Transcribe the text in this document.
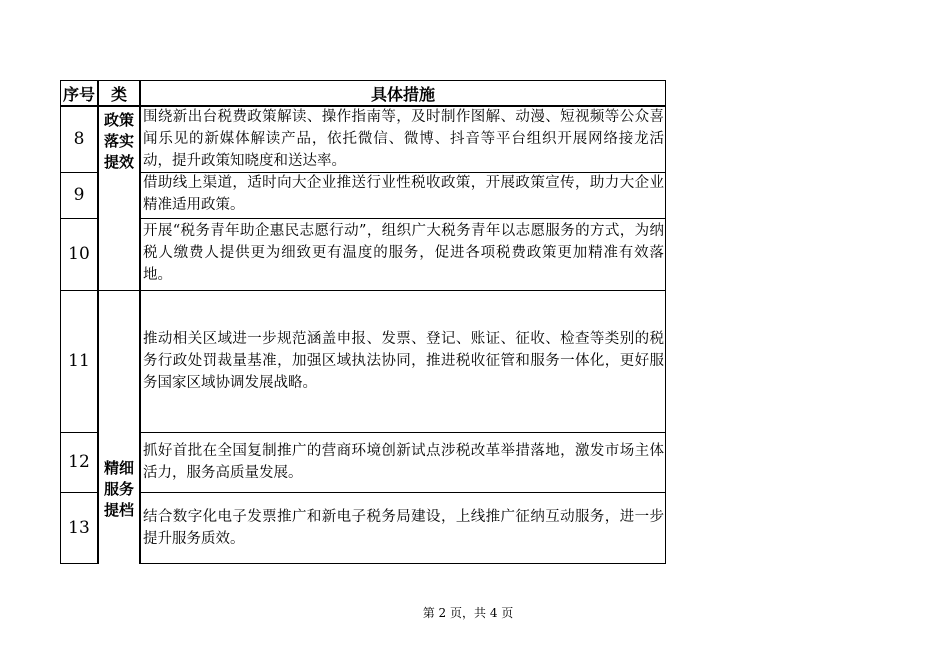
序号 类	具体措施
政策
落实
提效
精细
服务
提档
8
围绕新出台税费政策解读、操作指南等，及时制作图解、动漫、短视频等公众喜闻乐见的新媒体解读产品，依托微信、微博、抖音等平台组织开展网络接龙活动，提升政策知晓度和送达率。
9
借助线上渠道，适时向大企业推送行业性税收政策，开展政策宣传，助力大企业精准适用政策。
10
开展“税务青年助企惠民志愿行动”，组织广大税务青年以志愿服务的方式，为纳税人缴费人提供更为细致更有温度的服务，促进各项税费政策更加精准有效落地。
11
推动相关区域进一步规范涵盖申报、发票、登记、账证、征收、检查等类别的税务行政处罚裁量基准，加强区域执法协同，推进税收征管和服务一体化，更好服务国家区域协调发展战略。
12
抓好首批在全国复制推广的营商环境创新试点涉税改革举措落地，激发市场主体活力，服务高质量发展。
13
结合数字化电子发票推广和新电子税务局建设，上线推广征纳互动服务，进一步提升服务质效。
第 2 页，共 4 页
